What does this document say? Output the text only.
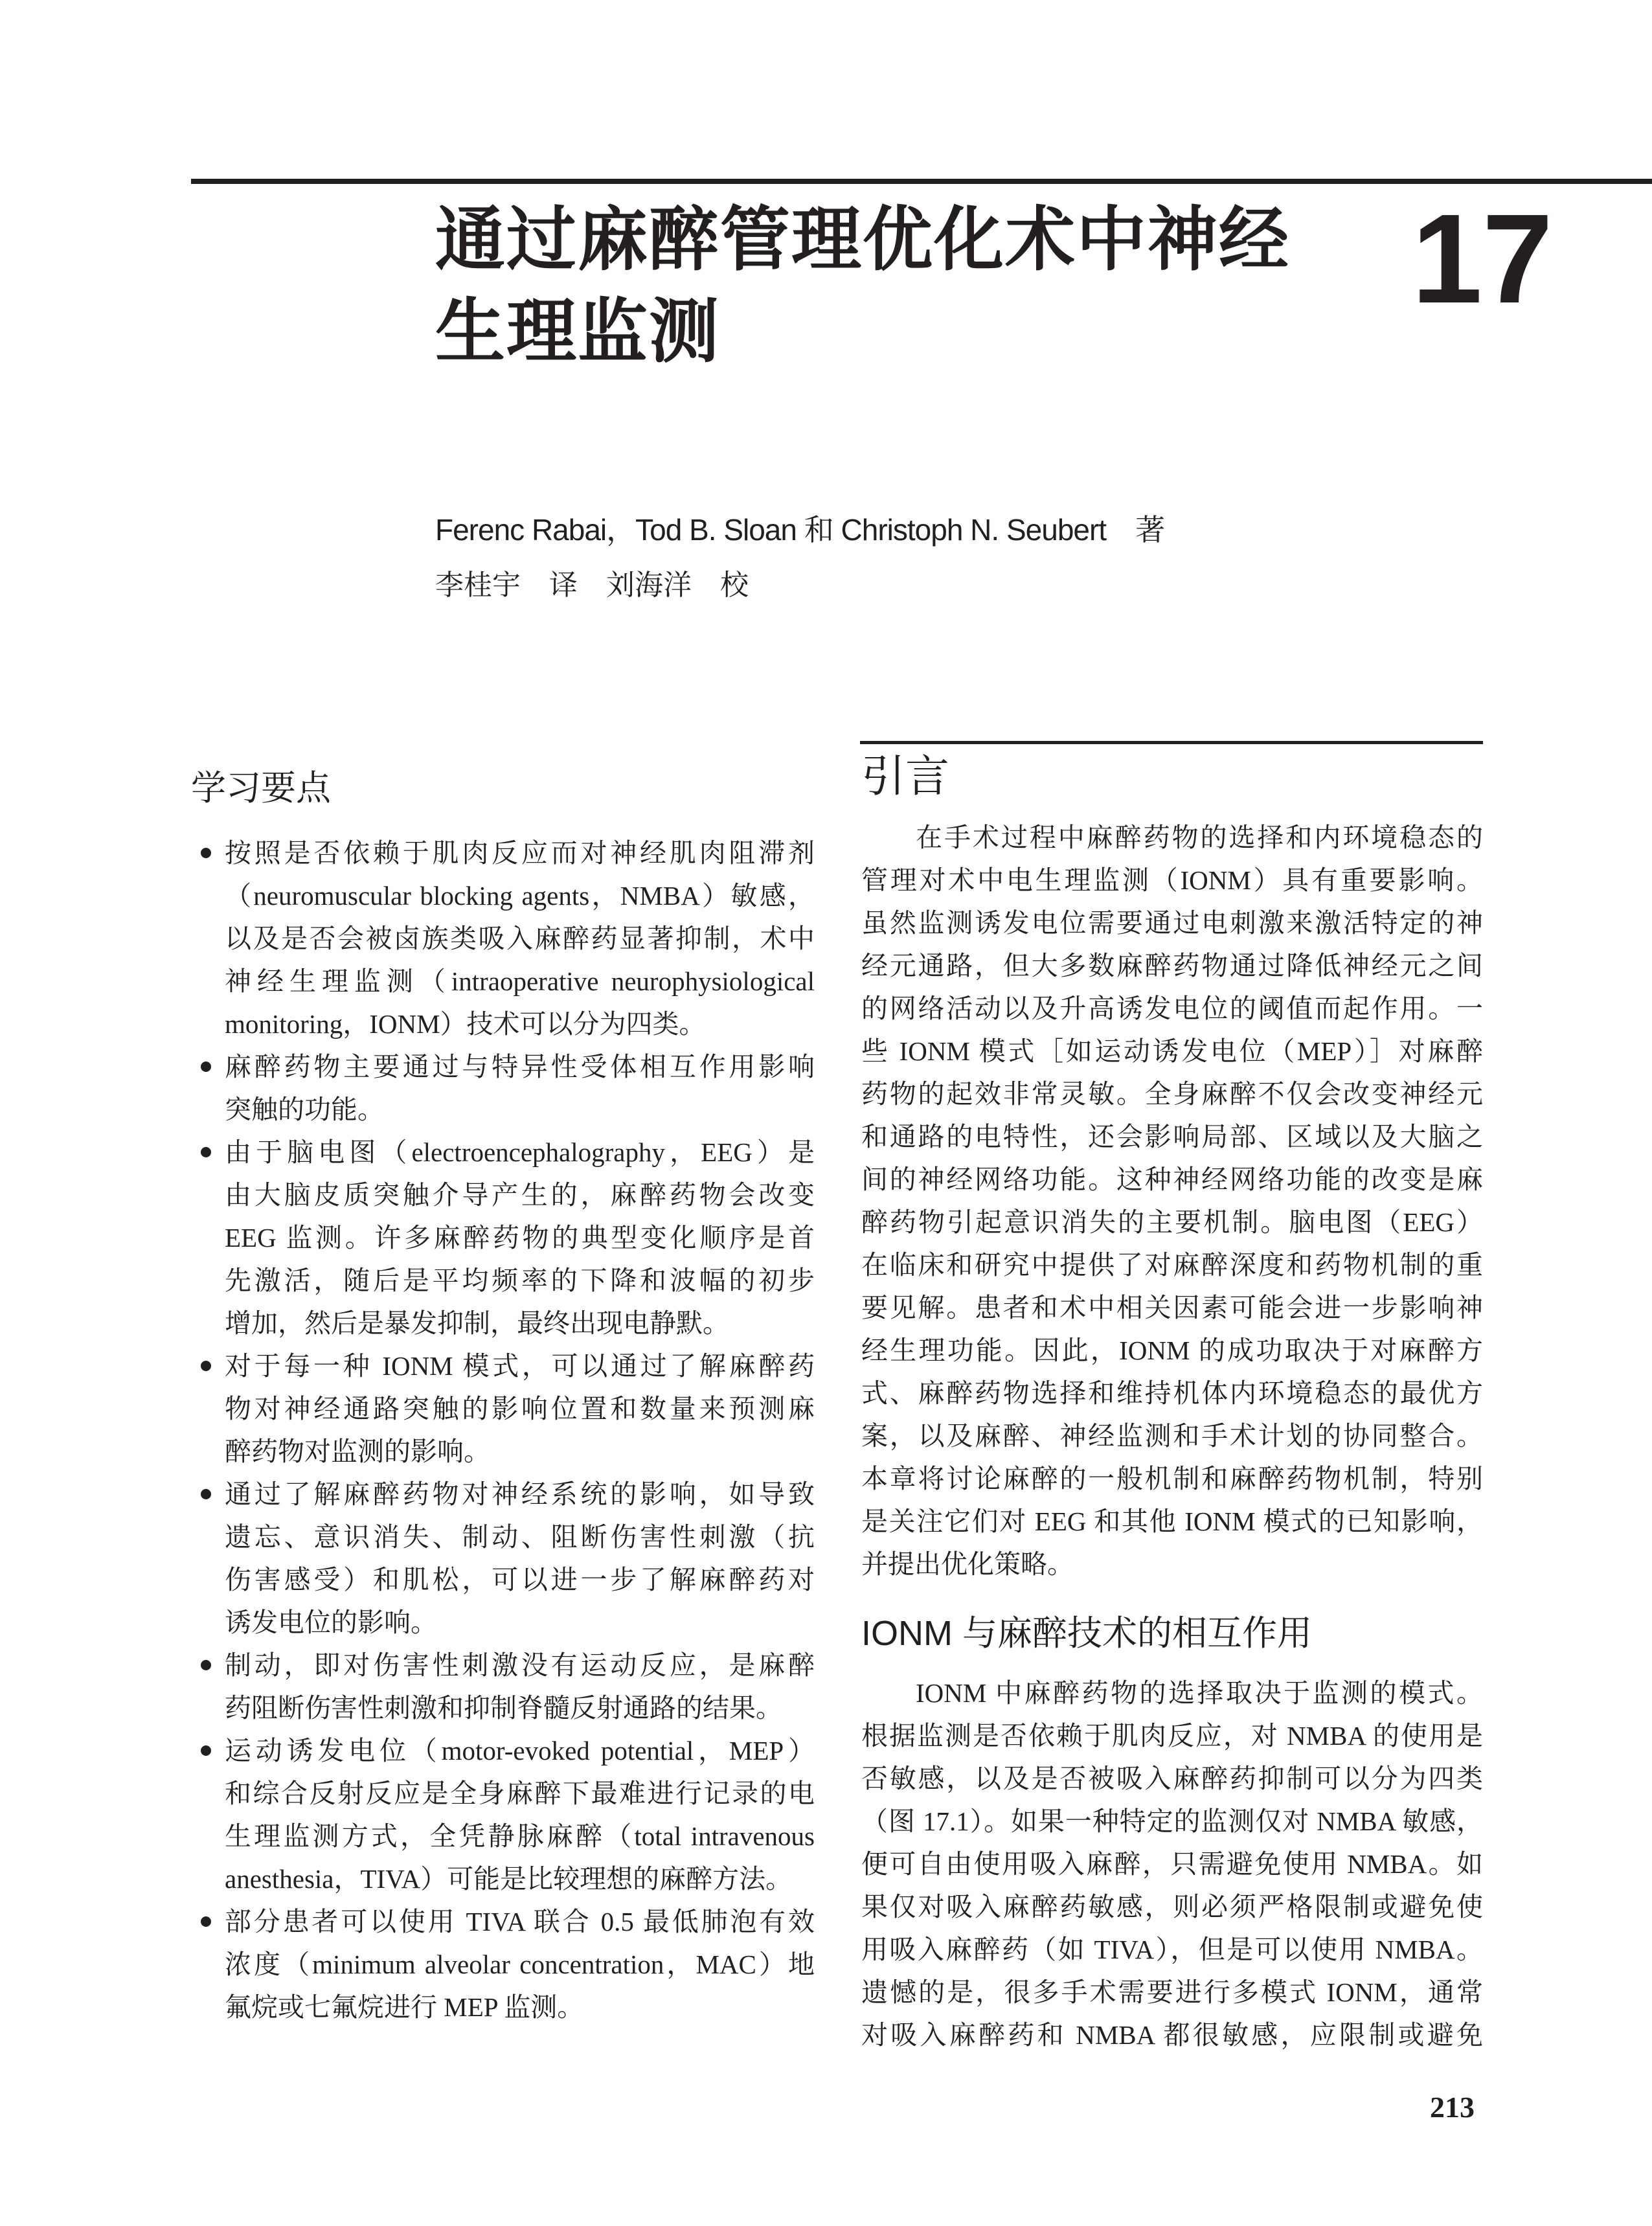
通过麻醉管理优化术中神经
生理监测
17
Ferenc Rabai，Tod B. Sloan 和 Christoph N. Seubert　著
李桂宇　译　刘海洋　校
学习要点
按照是否依赖于肌肉反应而对神经肌肉阻滞剂
（neuromuscular blocking agents，NMBA）敏感，
以及是否会被卤族类吸入麻醉药显著抑制，术中
神经生理监测（intraoperative neurophysiological
monitoring，IONM）技术可以分为四类。
麻醉药物主要通过与特异性受体相互作用影响
突触的功能。
由于脑电图（electroencephalography，EEG）是
由大脑皮质突触介导产生的，麻醉药物会改变
EEG 监测。许多麻醉药物的典型变化顺序是首
先激活，随后是平均频率的下降和波幅的初步
增加，然后是暴发抑制，最终出现电静默。
对于每一种 IONM 模式，可以通过了解麻醉药
物对神经通路突触的影响位置和数量来预测麻
醉药物对监测的影响。
通过了解麻醉药物对神经系统的影响，如导致
遗忘、意识消失、制动、阻断伤害性刺激（抗
伤害感受）和肌松，可以进一步了解麻醉药对
诱发电位的影响。
制动，即对伤害性刺激没有运动反应，是麻醉
药阻断伤害性刺激和抑制脊髓反射通路的结果。
运动诱发电位（motor-evoked potential，MEP）
和综合反射反应是全身麻醉下最难进行记录的电
生理监测方式，全凭静脉麻醉（total intravenous
anesthesia，TIVA）可能是比较理想的麻醉方法。
部分患者可以使用 TIVA 联合 0.5 最低肺泡有效
浓度（minimum alveolar concentration，MAC）地
氟烷或七氟烷进行 MEP 监测。
引言
在手术过程中麻醉药物的选择和内环境稳态的
管理对术中电生理监测（IONM）具有重要影响。
虽然监测诱发电位需要通过电刺激来激活特定的神
经元通路，但大多数麻醉药物通过降低神经元之间
的网络活动以及升高诱发电位的阈值而起作用。一
些 IONM 模式［如运动诱发电位（MEP）］对麻醉
药物的起效非常灵敏。全身麻醉不仅会改变神经元
和通路的电特性，还会影响局部、区域以及大脑之
间的神经网络功能。这种神经网络功能的改变是麻
醉药物引起意识消失的主要机制。脑电图（EEG）
在临床和研究中提供了对麻醉深度和药物机制的重
要见解。患者和术中相关因素可能会进一步影响神
经生理功能。因此，IONM 的成功取决于对麻醉方
式、麻醉药物选择和维持机体内环境稳态的最优方
案，以及麻醉、神经监测和手术计划的协同整合。
本章将讨论麻醉的一般机制和麻醉药物机制，特别
是关注它们对 EEG 和其他 IONM 模式的已知影响，
并提出优化策略。
IONM 与麻醉技术的相互作用
IONM 中麻醉药物的选择取决于监测的模式。
根据监测是否依赖于肌肉反应，对 NMBA 的使用是
否敏感，以及是否被吸入麻醉药抑制可以分为四类
（图 17.1）。如果一种特定的监测仅对 NMBA 敏感，
便可自由使用吸入麻醉，只需避免使用 NMBA。如
果仅对吸入麻醉药敏感，则必须严格限制或避免使
用吸入麻醉药（如 TIVA），但是可以使用 NMBA。
遗憾的是，很多手术需要进行多模式 IONM，通常
对吸入麻醉药和 NMBA 都很敏感，应限制或避免
213
